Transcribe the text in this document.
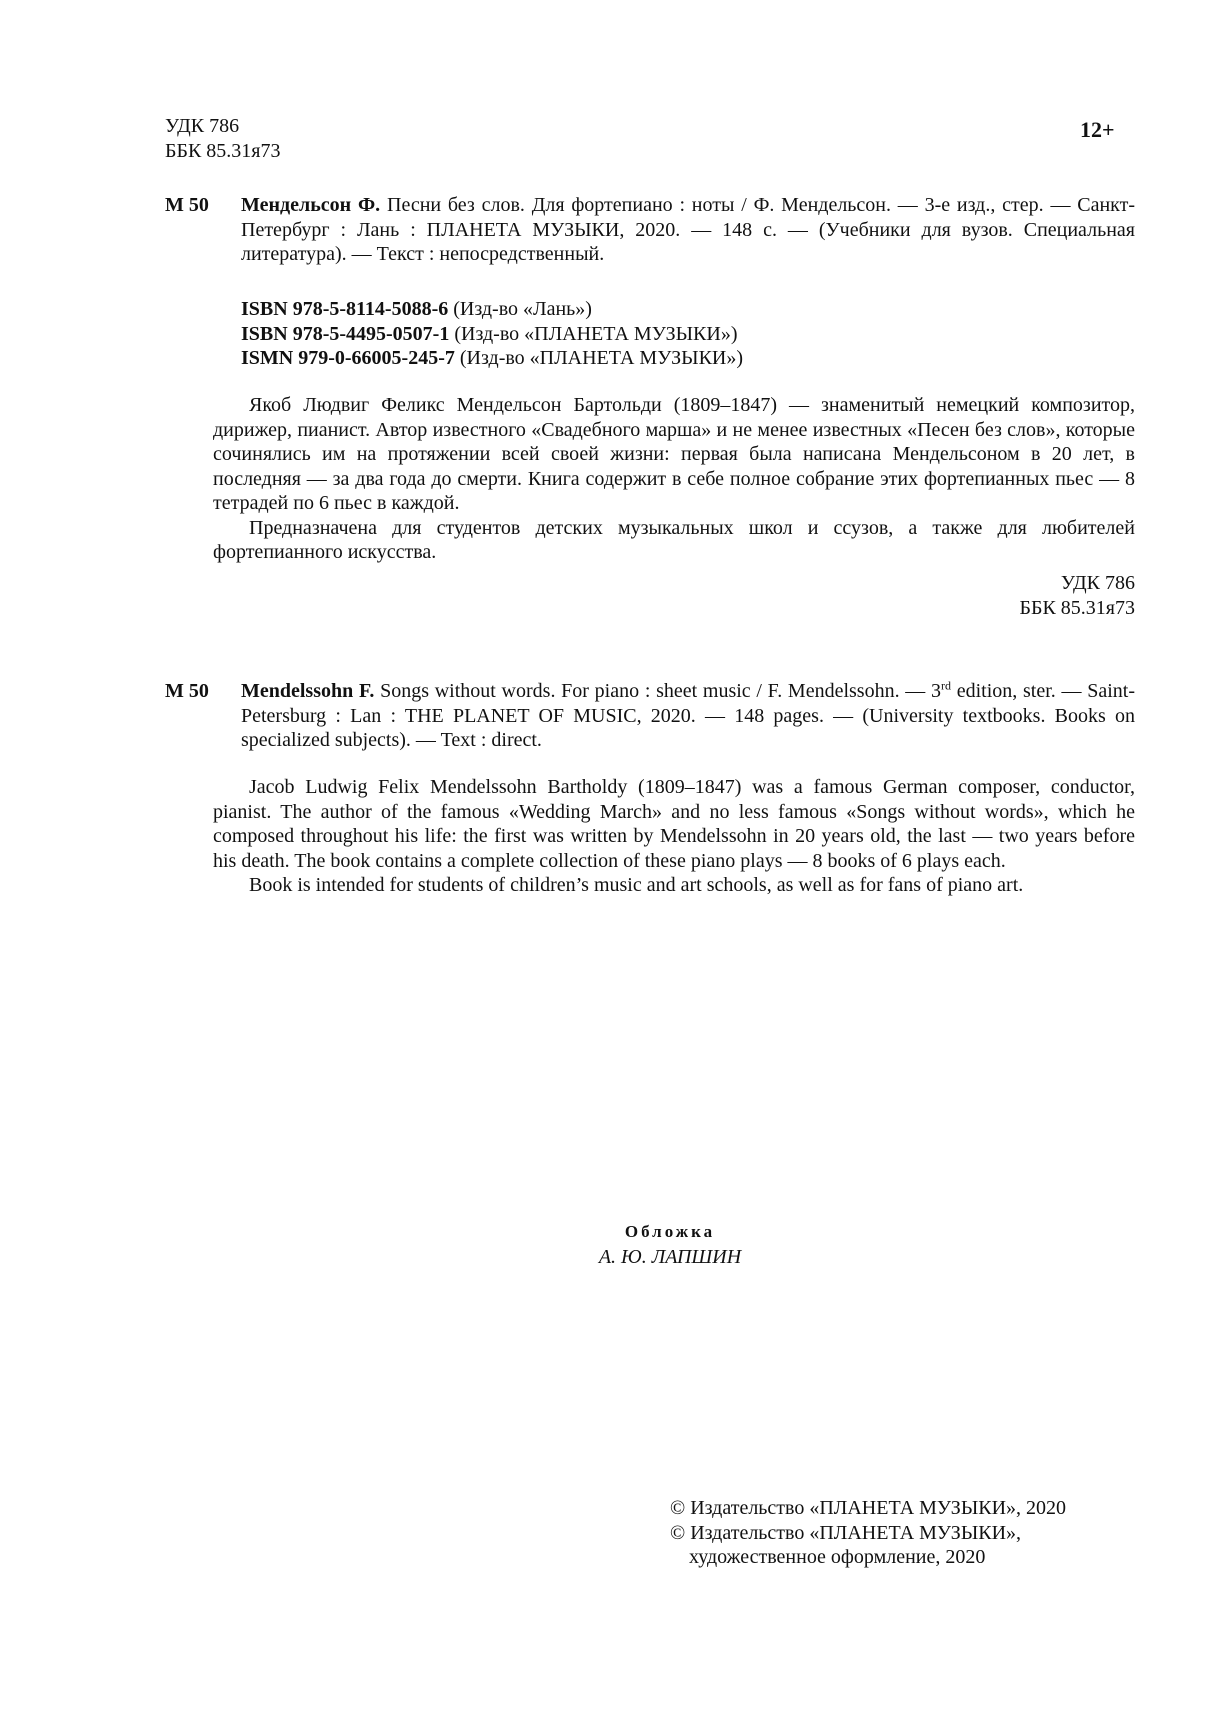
УДК 786
ББК 85.31я73
12+
М 50	Мендельсон Ф. Песни без слов. Для фортепиано : ноты / Ф. Мендельсон. — 3-е изд., стер. — Санкт-Петербург : Лань : ПЛАНЕТА МУЗЫКИ, 2020. — 148 с. — (Учебники для вузов. Специальная литература). — Текст : непосредственный.
ISBN 978-5-8114-5088-6 (Изд-во «Лань»)
ISBN 978-5-4495-0507-1 (Изд-во «ПЛАНЕТА МУЗЫКИ»)
ISMN 979-0-66005-245-7 (Изд-во «ПЛАНЕТА МУЗЫКИ»)

Якоб Людвиг Феликс Мендельсон Бартольди (1809–1847) — знаменитый немецкий композитор, дирижер, пианист. Автор известного «Свадебного марша» и не менее известных «Песен без слов», которые сочинялись им на протяжении всей своей жизни: первая была написана Мендельсоном в 20 лет, в последняя — за два года до смерти. Книга содержит в себе полное собрание этих фортепианных пьес — 8 тетрадей по 6 пьес в каждой.

Предназначена для студентов детских музыкальных школ и ссузов, а также для любителей фортепианного искусства.

УДК 786
ББК 85.31я73
М 50	Mendelssohn F. Songs without words. For piano : sheet music / F. Mendelssohn. — 3rd edition, ster. — Saint-Petersburg : Lan : THE PLANET OF MUSIC, 2020. — 148 pages. — (University textbooks. Books on specialized subjects). — Text : direct.

Jacob Ludwig Felix Mendelssohn Bartholdy (1809–1847) was a famous German composer, conductor, pianist. The author of the famous «Wedding March» and no less famous «Songs without words», which he composed throughout his life: the first was written by Mendelssohn in 20 years old, the last — two years before his death. The book contains a complete collection of these piano plays — 8 books of 6 plays each.

Book is intended for students of children’s music and art schools, as well as for fans of piano art.

Обложка
А. Ю. ЛАПШИН
© Издательство «ПЛАНЕТА МУЗЫКИ», 2020
© Издательство «ПЛАНЕТА МУЗЫКИ»,
художественное оформление, 2020
